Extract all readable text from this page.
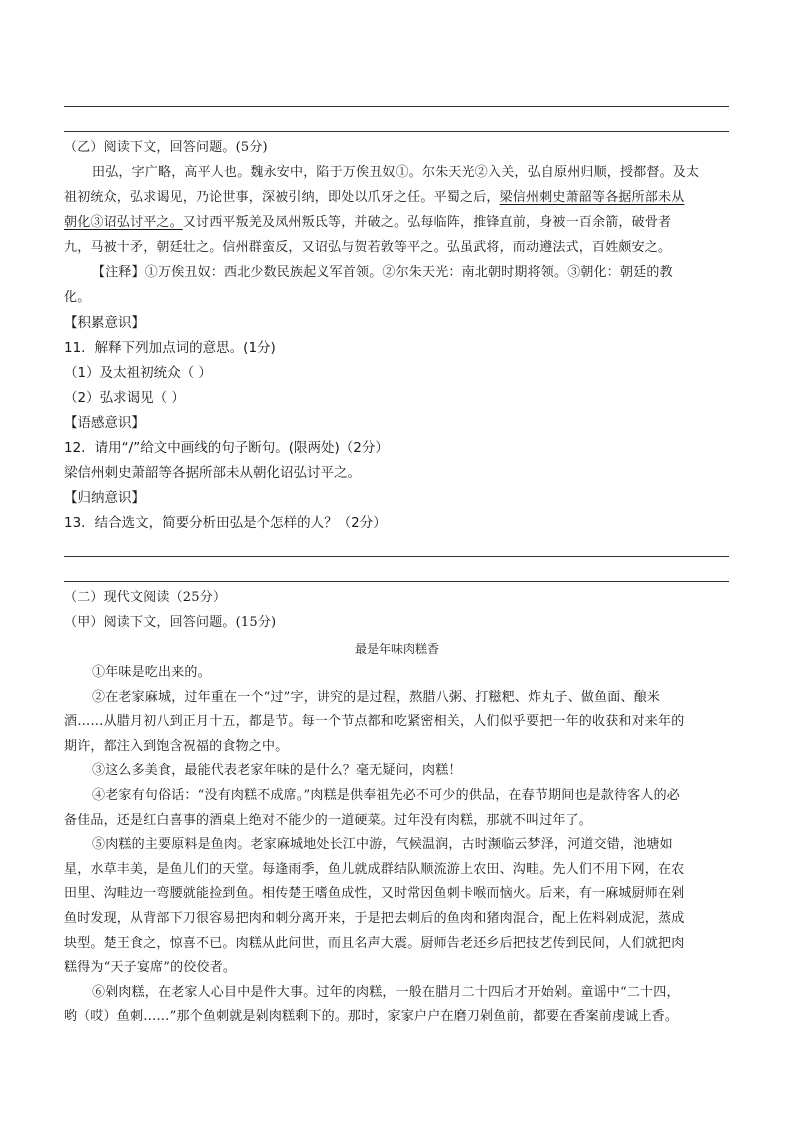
（乙）阅读下文，回答问题。(5分)
田弘，字广略，高平人也。魏永安中，陷于万俟丑奴①。尔朱天光②入关，弘自原州归顺，授都督。及太
祖初统众，弘求谒见，乃论世事，深被引纳，即处以爪牙之任。平蜀之后，梁信州刺史萧韶等各据所部未从
朝化③诏弘讨平之。又讨西平叛羌及凤州叛氐等，并破之。弘每临阵，推锋直前，身被一百余箭，破骨者
九，马被十矛，朝廷壮之。信州群蛮反，又诏弘与贺若敦等平之。弘虽武将，而动遵法式，百姓颇安之。
【注释】①万俟丑奴：西北少数民族起义军首领。②尔朱天光：南北朝时期将领。③朝化：朝廷的教
化。
【积累意识】
11．解释下列加点词的意思。(1分)
（1）及太祖初统众（ ）
（2）弘求谒见（ ）
【语感意识】
12．请用“/”给文中画线的句子断句。(限两处)（2分）
梁信州刺史萧韶等各据所部未从朝化诏弘讨平之。
【归纳意识】
13．结合选文，简要分析田弘是个怎样的人？（2分）
（二）现代文阅读（25分）
（甲）阅读下文，回答问题。(15分)
最是年味肉糕香
①年味是吃出来的。
②在老家麻城，过年重在一个“过”字，讲究的是过程，熬腊八粥、打糍粑、炸丸子、做鱼面、酿米
酒……从腊月初八到正月十五，都是节。每一个节点都和吃紧密相关，人们似乎要把一年的收获和对来年的
期许，都注入到饱含祝福的食物之中。
③这么多美食，最能代表老家年味的是什么？毫无疑问，肉糕！
④老家有句俗话：“没有肉糕不成席。”肉糕是供奉祖先必不可少的供品，在春节期间也是款待客人的必
备佳品，还是红白喜事的酒桌上绝对不能少的一道硬菜。过年没有肉糕，那就不叫过年了。
⑤肉糕的主要原料是鱼肉。老家麻城地处长江中游，气候温润，古时濒临云梦泽，河道交错，池塘如
星，水草丰美，是鱼儿们的天堂。每逢雨季，鱼儿就成群结队顺流游上农田、沟畦。先人们不用下网，在农
田里、沟畦边一弯腰就能捡到鱼。相传楚王嗜鱼成性，又时常因鱼刺卡喉而恼火。后来，有一麻城厨师在剁
鱼时发现，从背部下刀很容易把肉和刺分离开来，于是把去刺后的鱼肉和猪肉混合，配上佐料剁成泥，蒸成
块型。楚王食之，惊喜不已。肉糕从此问世，而且名声大震。厨师告老还乡后把技艺传到民间，人们就把肉
糕得为“天子宴席”的佼佼者。
⑥剁肉糕，在老家人心目中是件大事。过年的肉糕，一般在腊月二十四后才开始剁。童谣中“二十四，
哟（哎）鱼刺……”那个鱼刺就是剁肉糕剩下的。那时，家家户户在磨刀剁鱼前，都要在香案前虔诚上香。
